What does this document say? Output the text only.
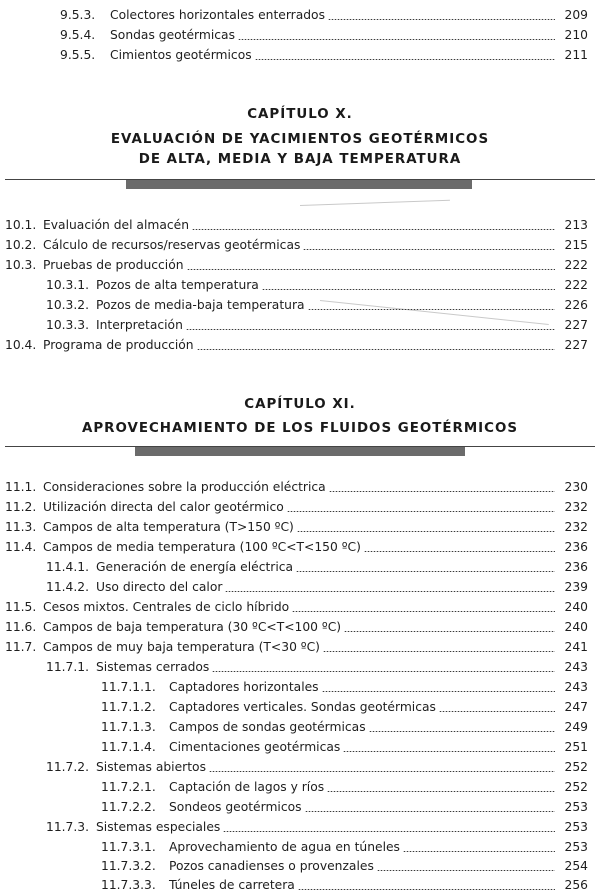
9.5.3.	Colectores horizontales enterrados	209
9.5.4.	Sondas geotérmicas	210
9.5.5.	Cimientos geotérmicos	211
CAPÍTULO X.
EVALUACIÓN DE YACIMIENTOS GEOTÉRMICOS
DE ALTA, MEDIA Y BAJA TEMPERATURA
10.1. Evaluación del almacén	213
10.2. Cálculo de recursos/reservas geotérmicas	215
10.3. Pruebas de producción	222
10.3.1. Pozos de alta temperatura	222
10.3.2. Pozos de media-baja temperatura	226
10.3.3. Interpretación	227
10.4. Programa de producción	227
CAPÍTULO XI.
APROVECHAMIENTO DE LOS FLUIDOS GEOTÉRMICOS
11.1. Consideraciones sobre la producción eléctrica	230
11.2. Utilización directa del calor geotérmico	232
11.3. Campos de alta temperatura (T>150 ºC)	232
11.4. Campos de media temperatura (100 ºC<T<150 ºC)	236
11.4.1. Generación de energía eléctrica	236
11.4.2. Uso directo del calor	239
11.5. Cesos mixtos. Centrales de ciclo híbrido	240
11.6. Campos de baja temperatura (30 ºC<T<100 ºC)	240
11.7. Campos de muy baja temperatura (T<30 ºC)	241
11.7.1. Sistemas cerrados	243
11.7.1.1.	Captadores horizontales	243
11.7.1.2.	Captadores verticales. Sondas geotérmicas	247
11.7.1.3.	Campos de sondas geotérmicas	249
11.7.1.4.	Cimentaciones geotérmicas	251
11.7.2. Sistemas abiertos	252
11.7.2.1.	Captación de lagos y ríos	252
11.7.2.2.	Sondeos geotérmicos	253
11.7.3. Sistemas especiales	253
11.7.3.1.	Aprovechamiento de agua en túneles	253
11.7.3.2.	Pozos canadienses o provenzales	254
11.7.3.3.	Túneles de carretera	256
